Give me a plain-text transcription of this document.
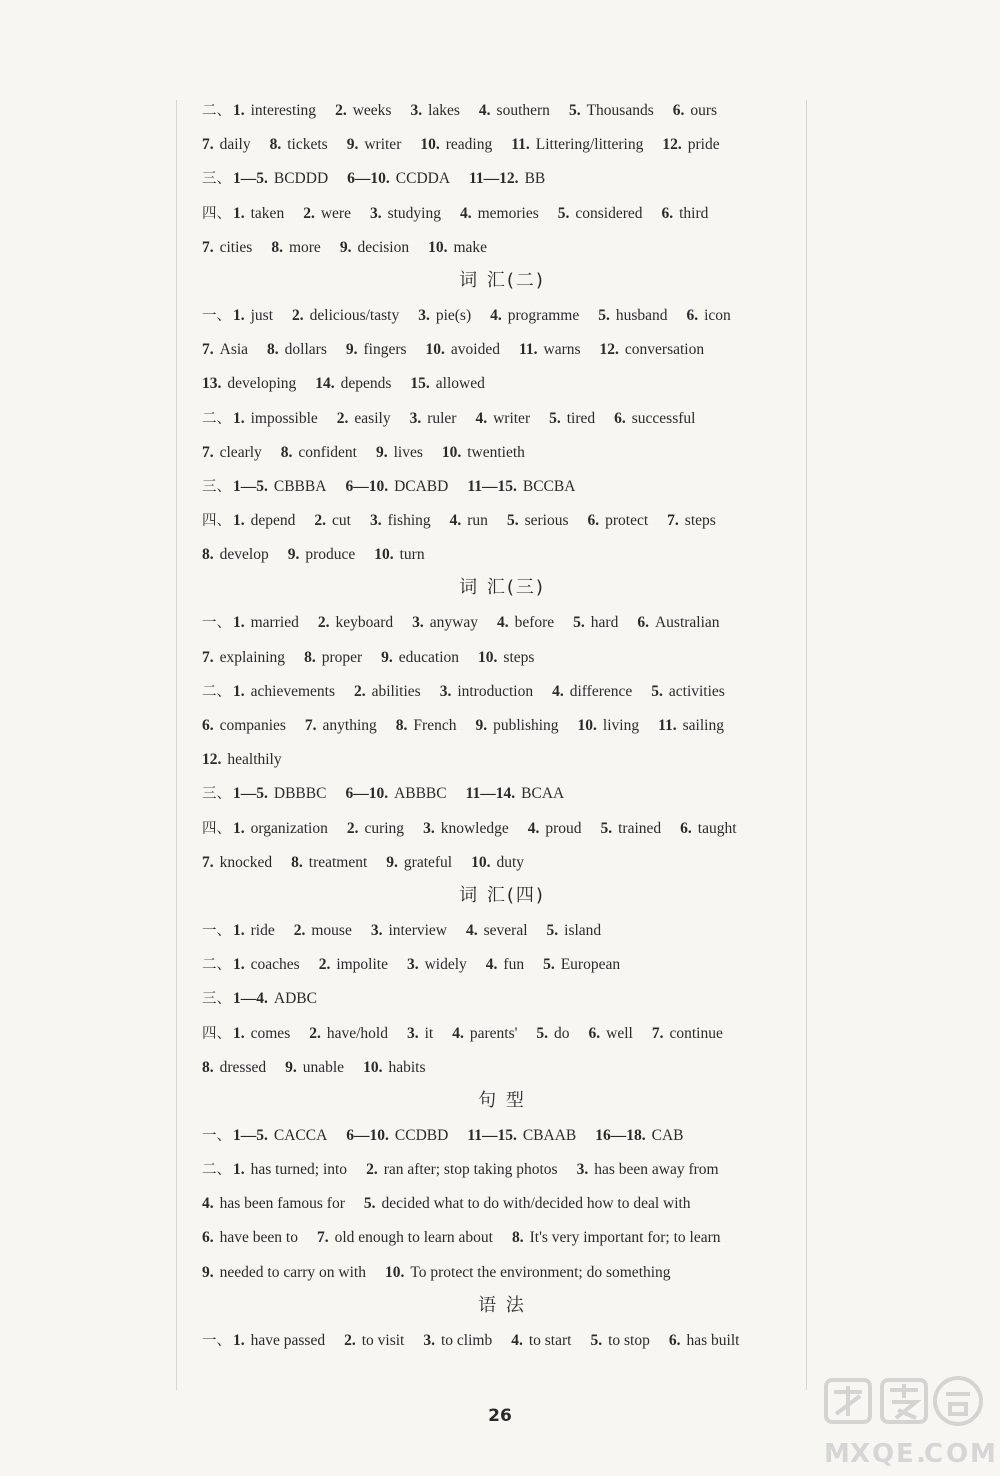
二、 1. interesting 2. weeks 3. lakes 4. southern 5. Thousands 6. ours
7. daily 8. tickets 9. writer 10. reading 11. Littering/littering 12. pride
三、 1—5. BCDDD 6—10. CCDDA 11—12. BB
四、 1. taken 2. were 3. studying 4. memories 5. considered 6. third
7. cities 8. more 9. decision 10. make
词 汇(二)
一、 1. just 2. delicious/tasty 3. pie(s) 4. programme 5. husband 6. icon
7. Asia 8. dollars 9. fingers 10. avoided 11. warns 12. conversation
13. developing 14. depends 15. allowed
二、 1. impossible 2. easily 3. ruler 4. writer 5. tired 6. successful
7. clearly 8. confident 9. lives 10. twentieth
三、 1—5. CBBBA 6—10. DCABD 11—15. BCCBA
四、 1. depend 2. cut 3. fishing 4. run 5. serious 6. protect 7. steps
8. develop 9. produce 10. turn
词 汇(三)
一、 1. married 2. keyboard 3. anyway 4. before 5. hard 6. Australian
7. explaining 8. proper 9. education 10. steps
二、 1. achievements 2. abilities 3. introduction 4. difference 5. activities
6. companies 7. anything 8. French 9. publishing 10. living 11. sailing
12. healthily
三、 1—5. DBBBC 6—10. ABBBC 11—14. BCAA
四、 1. organization 2. curing 3. knowledge 4. proud 5. trained 6. taught
7. knocked 8. treatment 9. grateful 10. duty
词 汇(四)
一、 1. ride 2. mouse 3. interview 4. several 5. island
二、 1. coaches 2. impolite 3. widely 4. fun 5. European
三、 1—4. ADBC
四、 1. comes 2. have/hold 3. it 4. parents' 5. do 6. well 7. continue
8. dressed 9. unable 10. habits
句 型
一、 1—5. CACCA 6—10. CCDBD 11—15. CBAAB 16—18. CAB
二、 1. has turned; into 2. ran after; stop taking photos 3. has been away from
4. has been famous for 5. decided what to do with/decided how to deal with
6. have been to 7. old enough to learn about 8. It's very important for; to learn
9. needed to carry on with 10. To protect the environment; do something
语 法
一、 1. have passed 2. to visit 3. to climb 4. to start 5. to stop 6. has built
26
M X Q E .
C O M
